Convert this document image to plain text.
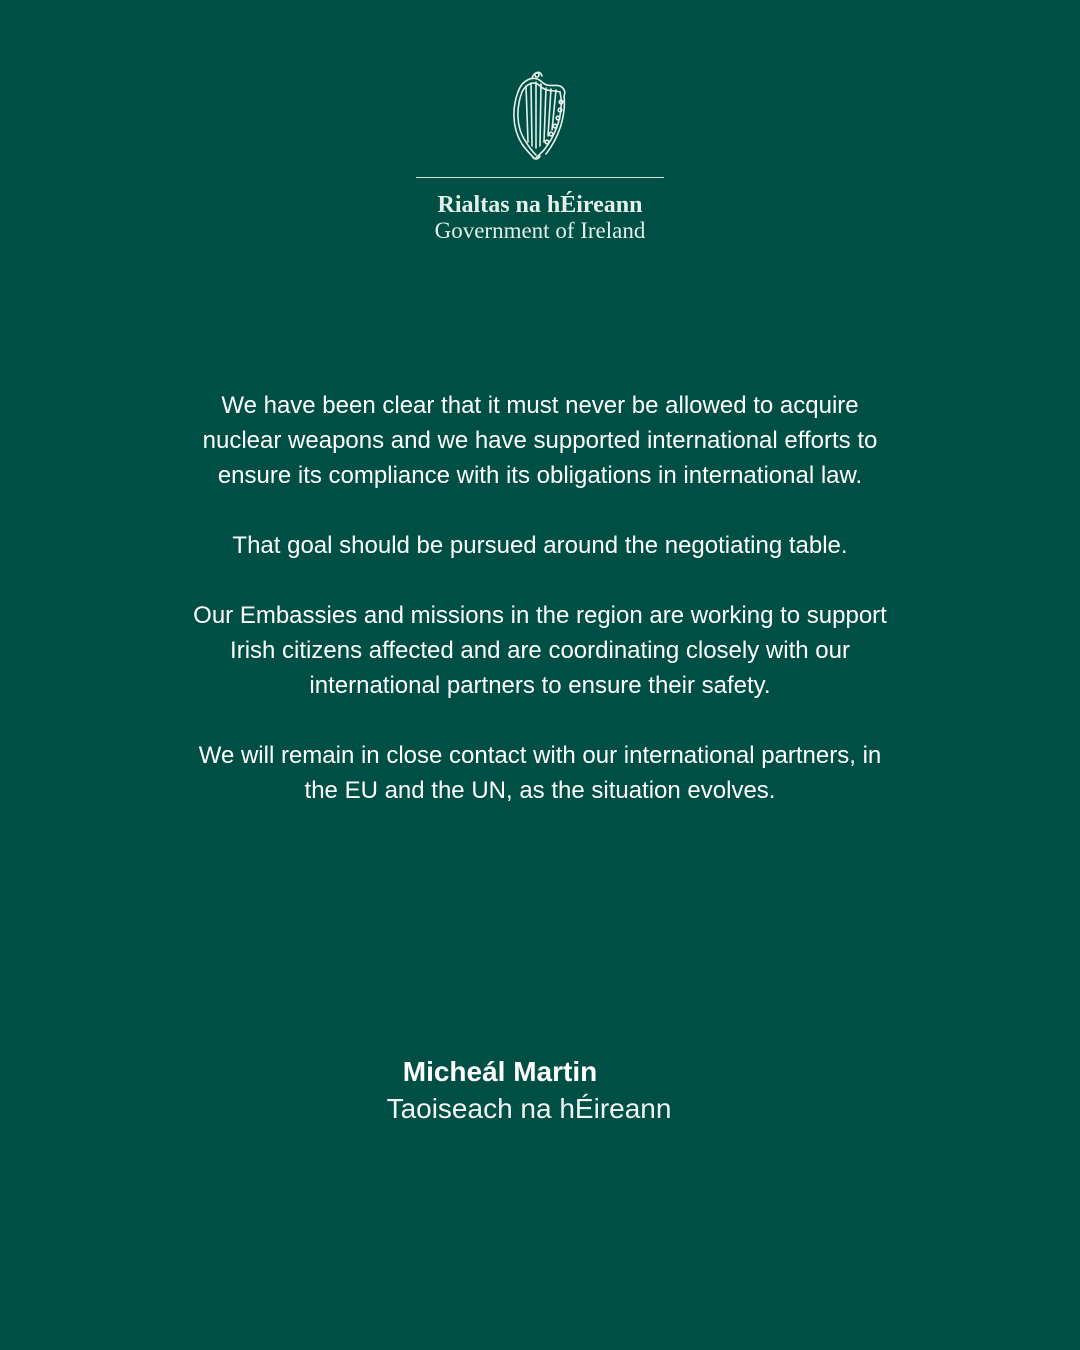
Rialtas na hÉireann
Government of Ireland

We have been clear that it must never be allowed to acquire nuclear weapons and we have supported international efforts to ensure its compliance with its obligations in international law.

That goal should be pursued around the negotiating table.

Our Embassies and missions in the region are working to support Irish citizens affected and are coordinating closely with our international partners to ensure their safety.

We will remain in close contact with our international partners, in the EU and the UN, as the situation evolves.

Micheál Martin
Taoiseach na hÉireann
